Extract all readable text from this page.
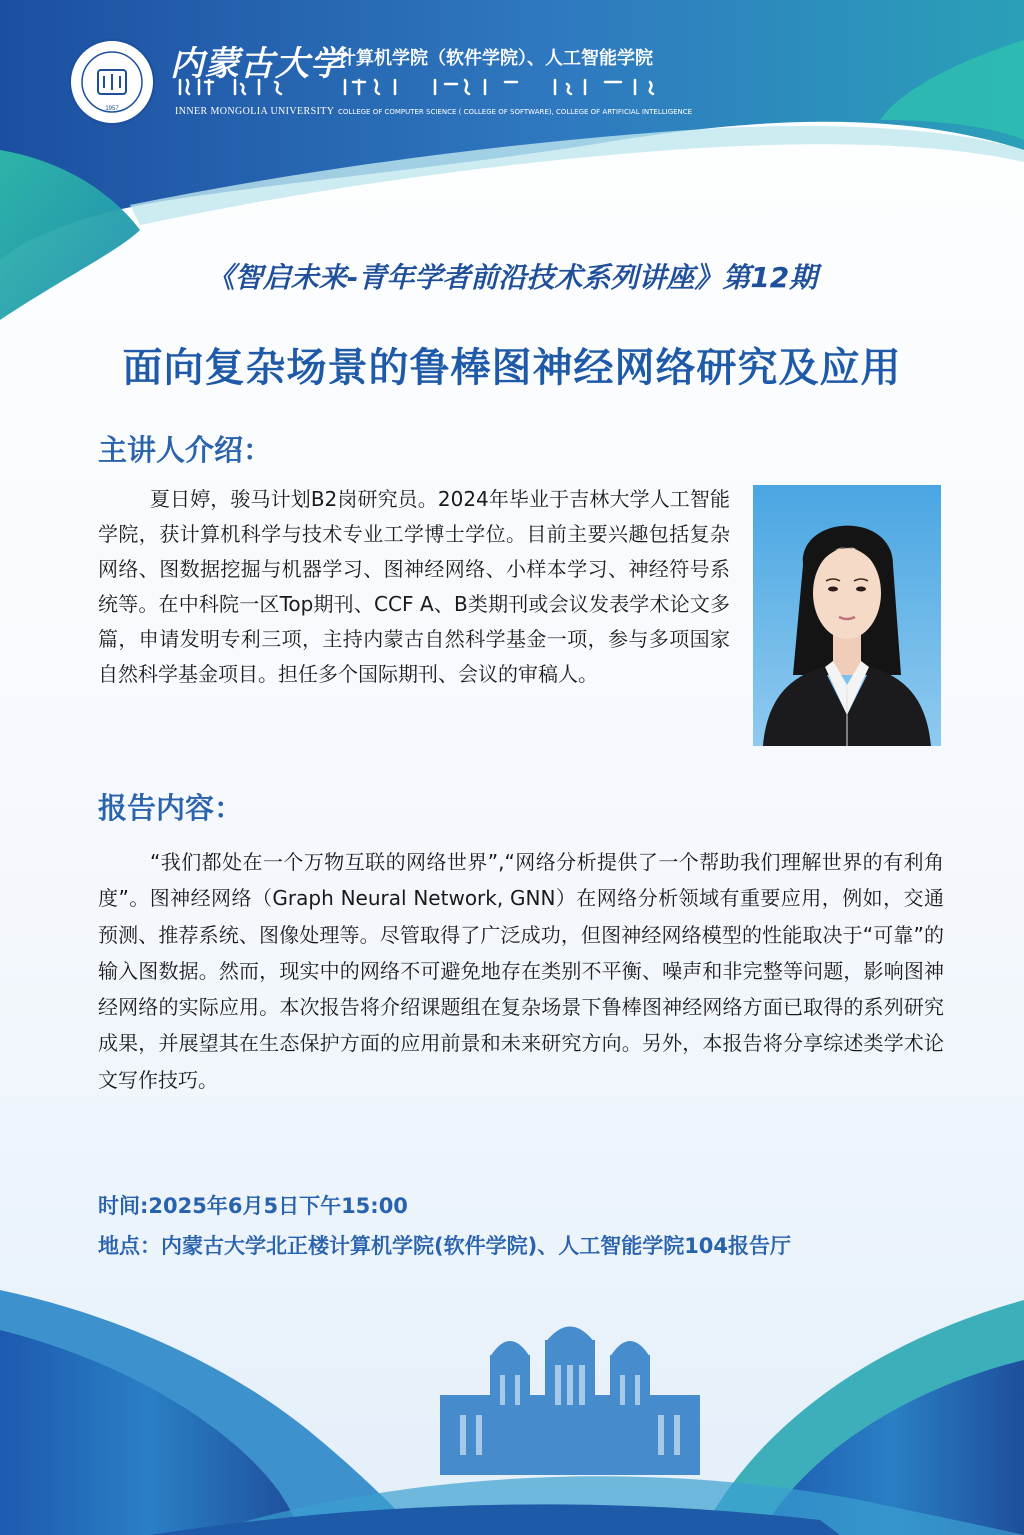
1957
内蒙古大学
计算机学院（软件学院）、人工智能学院
INNER MONGOLIA UNIVERSITY COLLEGE OF COMPUTER SCIENCE ( COLLEGE OF SOFTWARE), COLLEGE OF ARTIFICIAL INTELLIGENCE
《智启未来-青年学者前沿技术系列讲座》第12期
面向复杂场景的鲁棒图神经网络研究及应用
主讲人介绍：

夏日婷，骏马计划B2岗研究员。2024年毕业于吉林大学人工智能学院，获计算机科学与技术专业工学博士学位。目前主要兴趣包括复杂网络、图数据挖掘与机器学习、图神经网络、小样本学习、神经符号系统等。在中科院一区Top期刊、CCF A、B类期刊或会议发表学术论文多篇，申请发明专利三项，主持内蒙古自然科学基金一项，参与多项国家自然科学基金项目。担任多个国际期刊、会议的审稿人。

报告内容：

“我们都处在一个万物互联的网络世界”,“网络分析提供了一个帮助我们理解世界的有利角度”。图神经网络（Graph Neural Network, GNN）在网络分析领域有重要应用，例如，交通预测、推荐系统、图像处理等。尽管取得了广泛成功，但图神经网络模型的性能取决于“可靠”的输入图数据。然而，现实中的网络不可避免地存在类别不平衡、噪声和非完整等问题，影响图神经网络的实际应用。本次报告将介绍课题组在复杂场景下鲁棒图神经网络方面已取得的系列研究成果，并展望其在生态保护方面的应用前景和未来研究方向。另外，本报告将分享综述类学术论文写作技巧。

时间:2025年6月5日下午15:00
地点：内蒙古大学北正楼计算机学院(软件学院)、人工智能学院104报告厅
